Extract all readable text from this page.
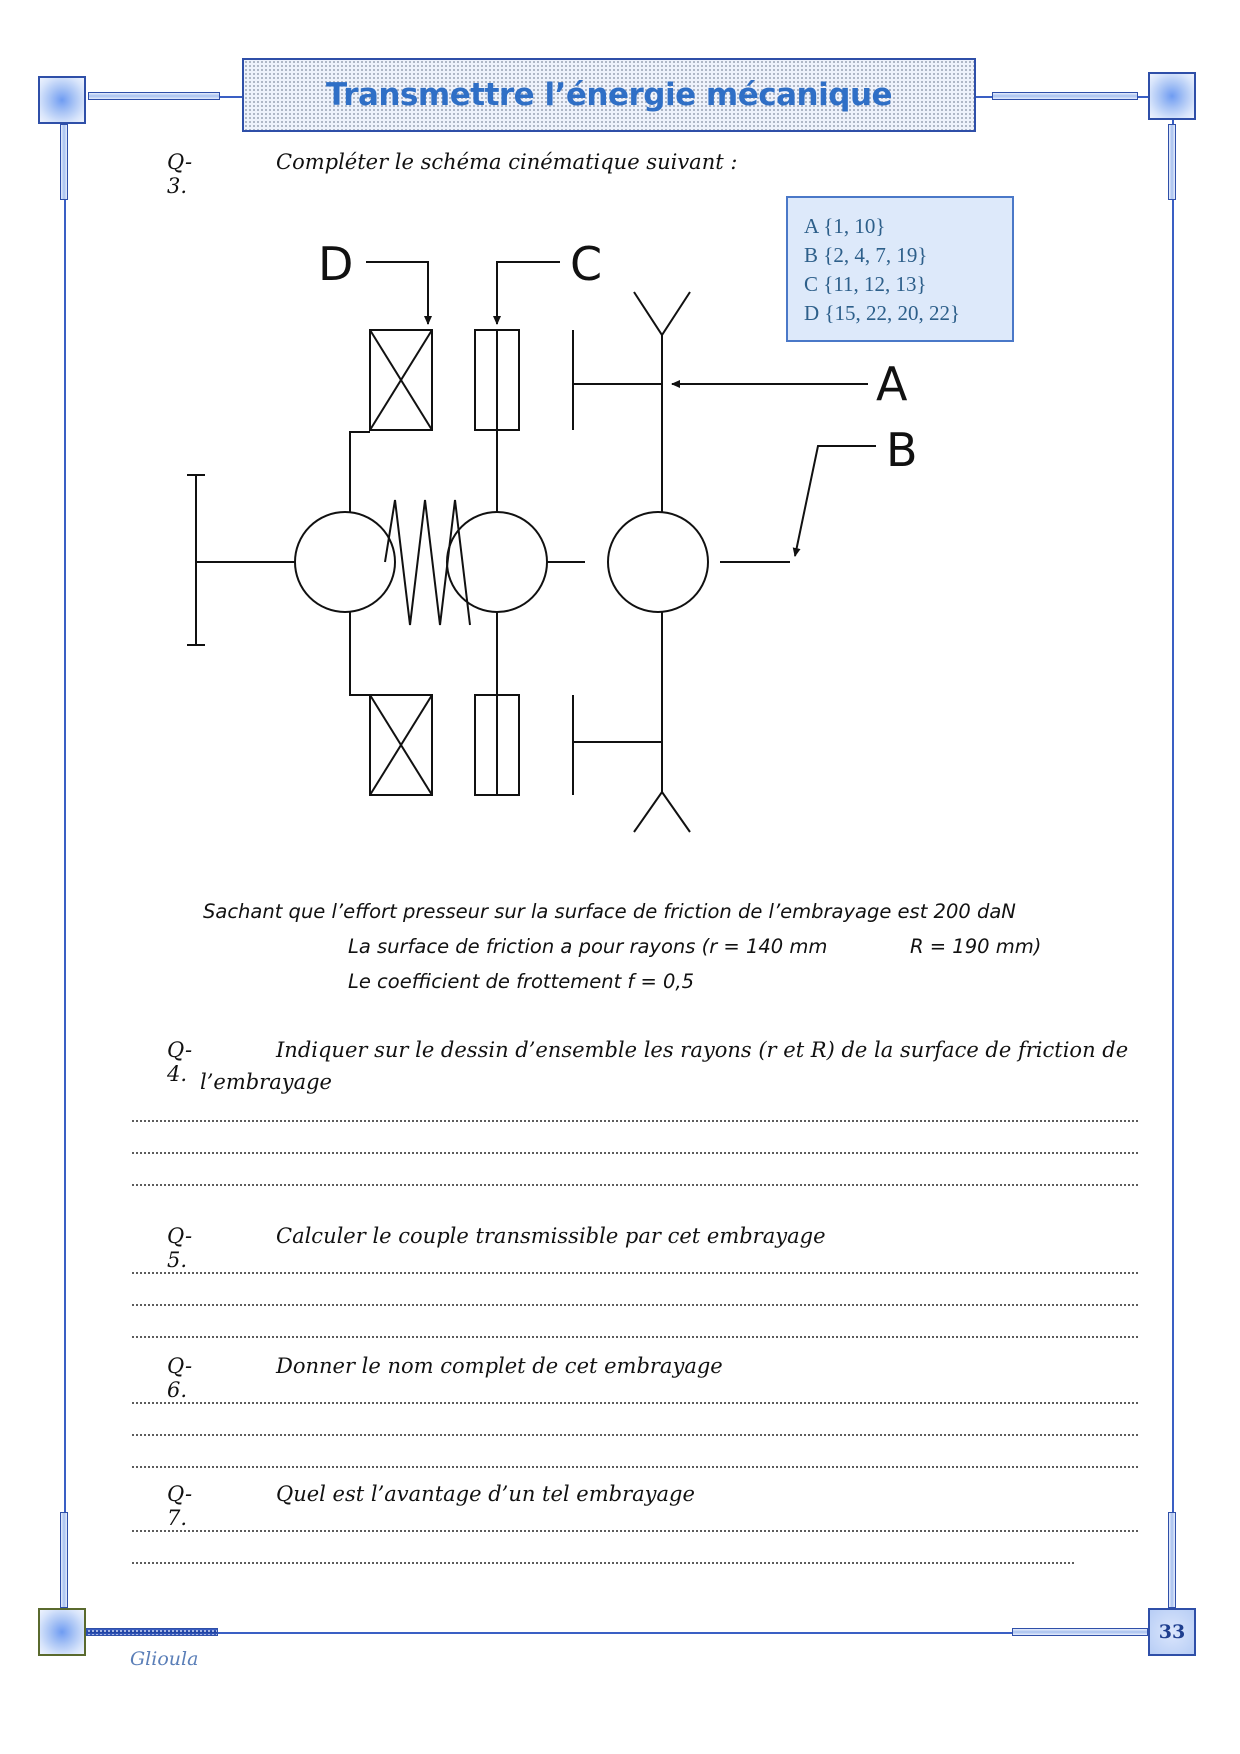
Transmettre l’énergie mécanique
33
Glioula
Q-3.
Compléter le schéma cinématique suivant :
A {1, 10}
B {2, 4, 7, 19}
C {11, 12, 13}
D {15, 22, 20, 22}
D	C
A
B
Sachant que l’effort presseur sur la surface de friction de l’embrayage est 200 daN
La surface de friction a pour rayons (r = 140 mm	R = 190 mm)
Le coefficient de frottement f = 0,5
Q-4.
Indiquer sur le dessin d’ensemble les rayons (r et R) de la surface de friction de
l’embrayage
Q-5.
Calculer le couple transmissible par cet embrayage
Q-6.
Donner le nom complet de cet embrayage
Q-7.
Quel est l’avantage d’un tel embrayage
